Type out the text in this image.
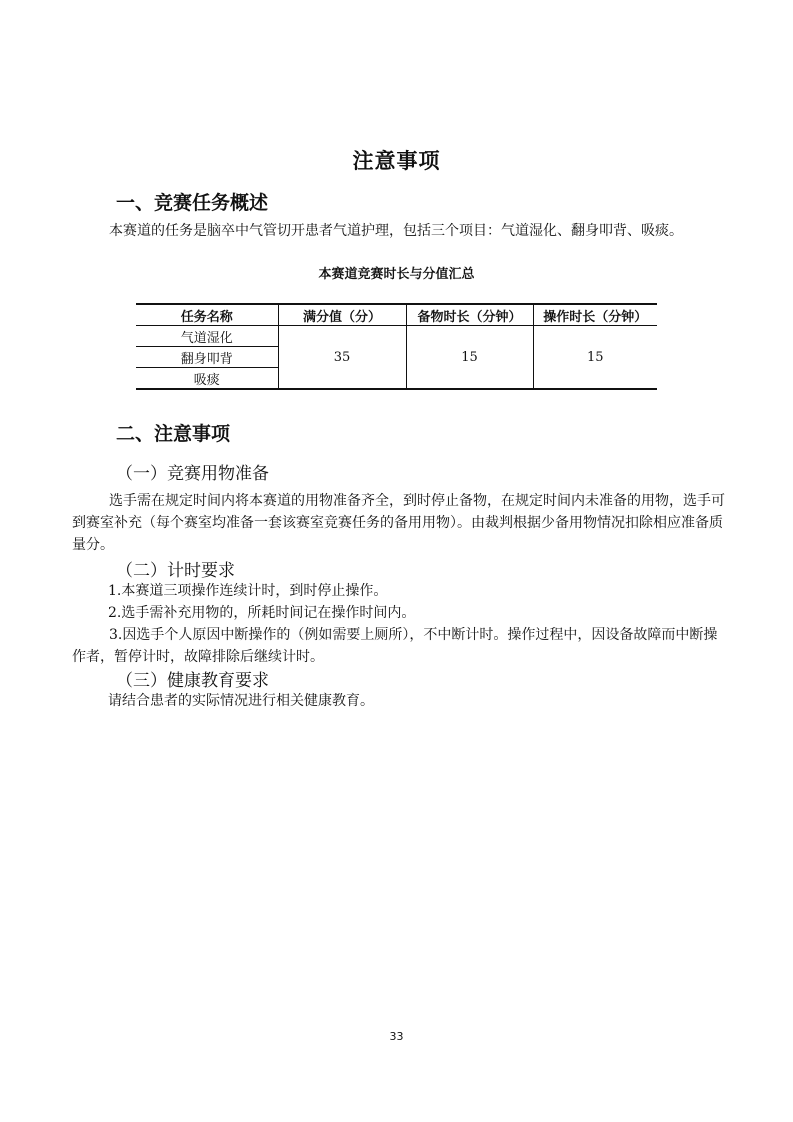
注意事项
一、竞赛任务概述

本赛道的任务是脑卒中气管切开患者气道护理，包括三个项目：气道湿化、翻身叩背、吸痰。

本赛道竞赛时长与分值汇总
任务名称	满分值（分）	备物时长（分钟）	操作时长（分钟）
气道湿化	35	15	15
翻身叩背			
吸痰			
二、注意事项
（一）竞赛用物准备

选手需在规定时间内将本赛道的用物准备齐全，到时停止备物，在规定时间内未准备的用物，选手可到赛室补充（每个赛室均准备一套该赛室竞赛任务的备用用物）。由裁判根据少备用物情况扣除相应准备质量分。

（二）计时要求
1.本赛道三项操作连续计时，到时停止操作。
2.选手需补充用物的，所耗时间记在操作时间内。

3.因选手个人原因中断操作的（例如需要上厕所），不中断计时。操作过程中，因设备故障而中断操作者，暂停计时，故障排除后继续计时。

（三）健康教育要求
请结合患者的实际情况进行相关健康教育。
33
